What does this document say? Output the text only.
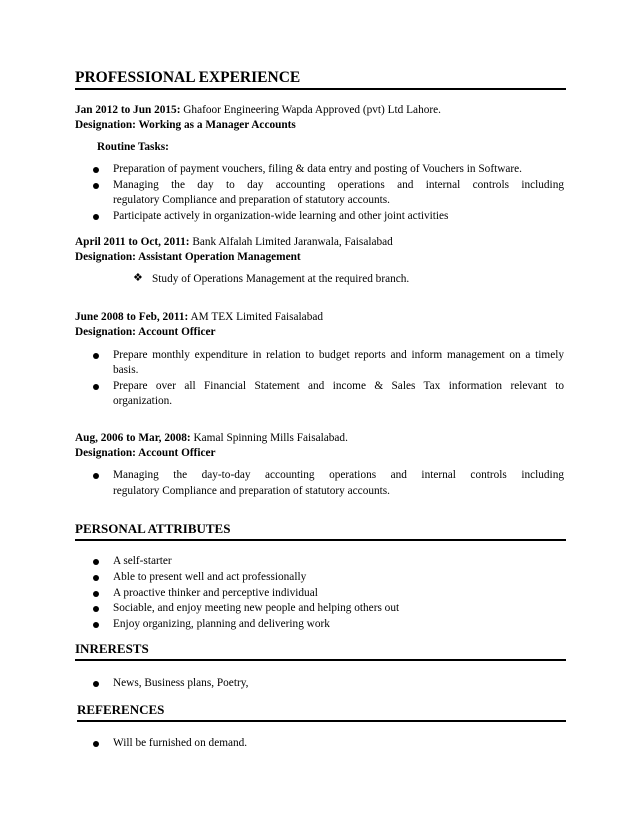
PROFESSIONAL EXPERIENCE
Jan 2012 to Jun 2015: Ghafoor Engineering Wapda Approved (pvt) Ltd Lahore.
Designation: Working as a Manager Accounts
Routine Tasks:
Preparation of payment vouchers, filing & data entry and posting of Vouchers in Software.
Managing the day to day accounting operations and internal controls including
regulatory Compliance and preparation of statutory accounts.
Participate actively in organization-wide learning and other joint activities
April 2011 to Oct, 2011: Bank Alfalah Limited Jaranwala, Faisalabad
Designation: Assistant Operation Management
❖ Study of Operations Management at the required branch.
June 2008 to Feb, 2011: AM TEX Limited Faisalabad
Designation: Account Officer
Prepare monthly expenditure in relation to budget reports and inform management on a timely
basis.
Prepare over all Financial Statement and income & Sales Tax information relevant to
organization.
Aug, 2006 to Mar, 2008: Kamal Spinning Mills Faisalabad.
Designation: Account Officer
Managing the day-to-day accounting operations and internal controls including
regulatory Compliance and preparation of statutory accounts.
PERSONAL ATTRIBUTES
A self-starter
Able to present well and act professionally
A proactive thinker and perceptive individual
Sociable, and enjoy meeting new people and helping others out
Enjoy organizing, planning and delivering work
INRERESTS
News, Business plans, Poetry,
REFERENCES
Will be furnished on demand.
